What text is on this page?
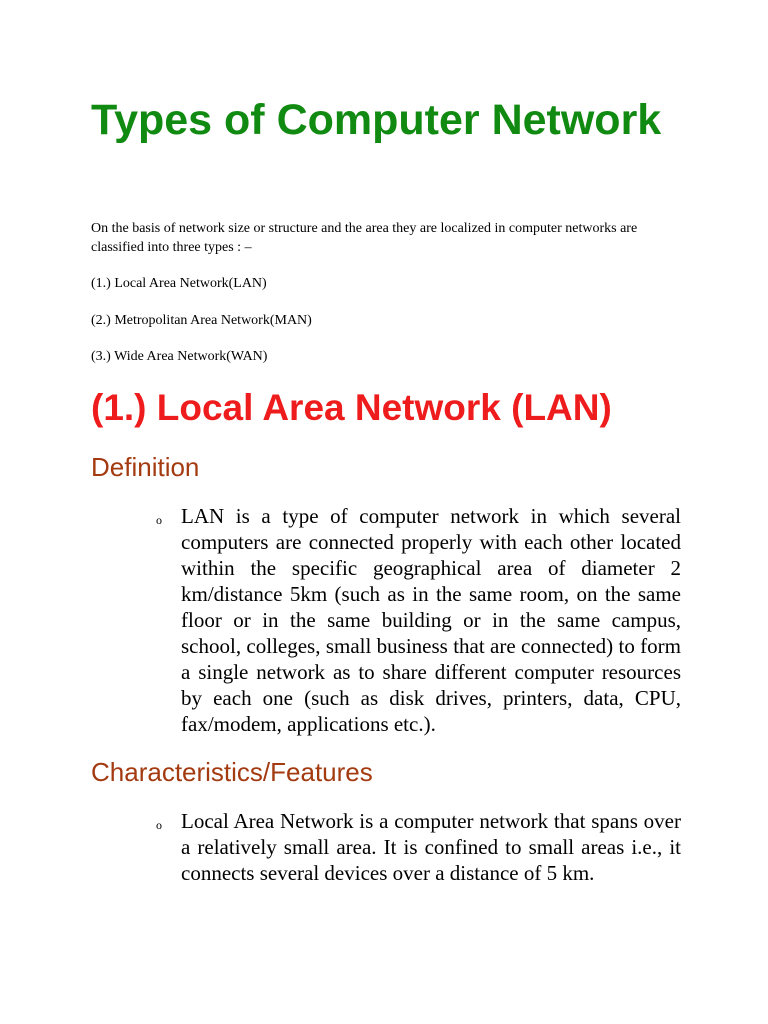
Types of Computer Network

On the basis of network size or structure and the area they are localized in computer networks are classified into three types : –

(1.) Local Area Network(LAN)

(2.) Metropolitan Area Network(MAN)

(3.) Wide Area Network(WAN)

(1.) Local Area Network (LAN)
Definition
o LAN is a type of computer network in which several computers are connected properly with each other located within the specific geographical area of diameter 2 km/distance 5km (such as in the same room, on the same floor or in the same building or in the same campus, school, colleges, small business that are connected) to form a single network as to share different computer resources by each one (such as disk drives, printers, data, CPU, fax/modem, applications etc.).

Characteristics/Features
o Local Area Network is a computer network that spans over a relatively small area. It is confined to small areas i.e., it connects several devices over a distance of 5 km.
